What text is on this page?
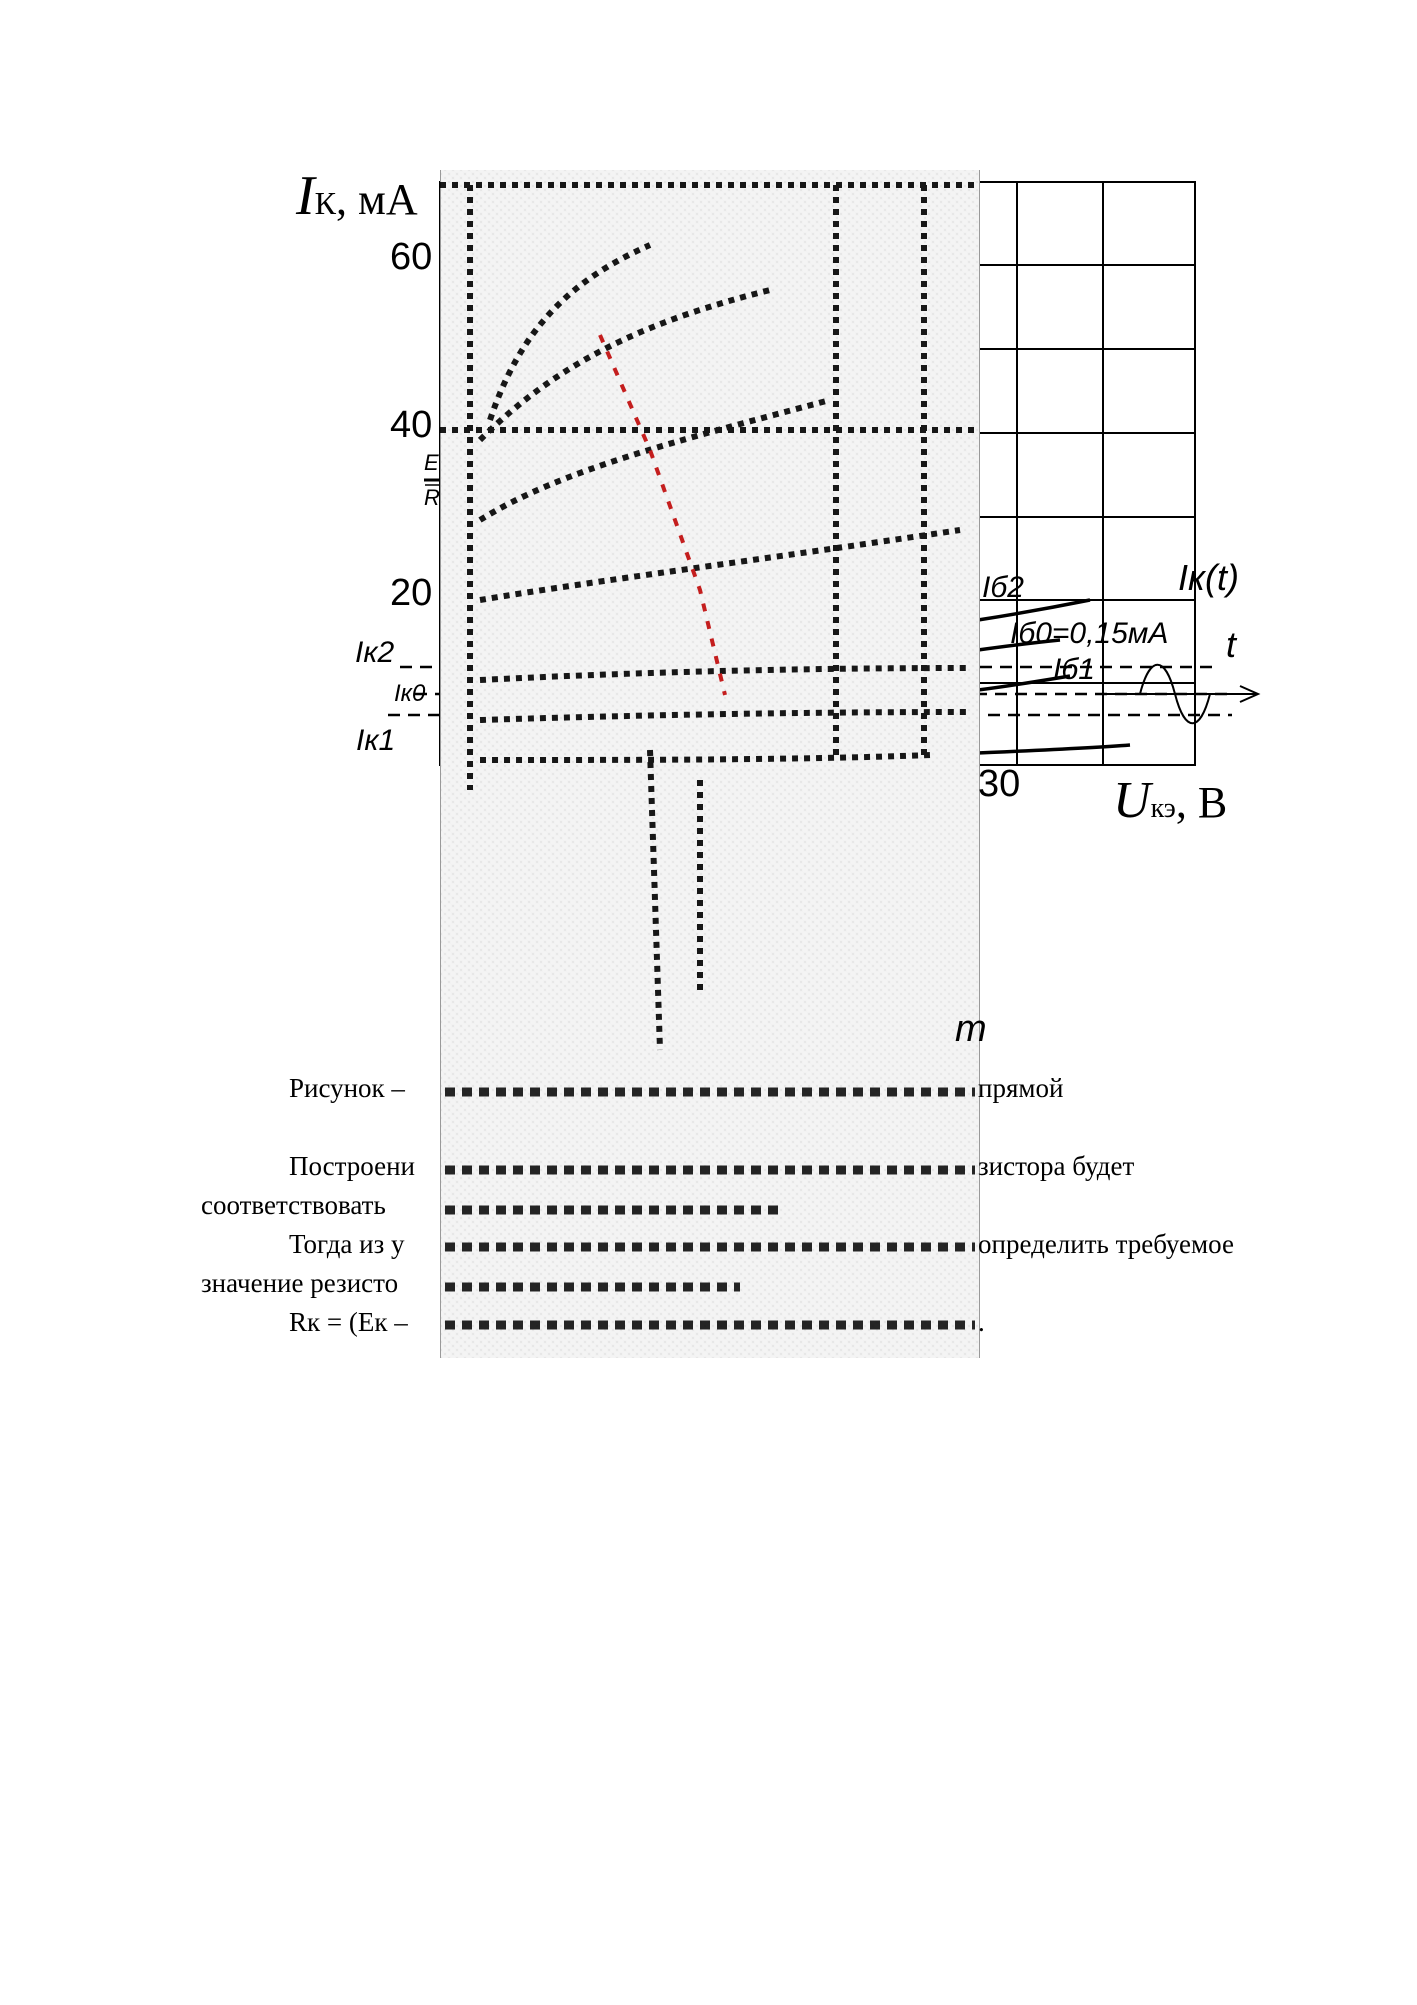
IК, мА
60
40
20
E
R
Iк2
Iк0
Iк1
Iб2
Iб0=0,15мА
Iб1
Iк(t)
t
30 Uкэ, В
m
Рисунок –	прямой
Построени	зистора будет
соответствовать
Тогда из у	определить требуемое
значение резисто
Rк = (Ек –	.
